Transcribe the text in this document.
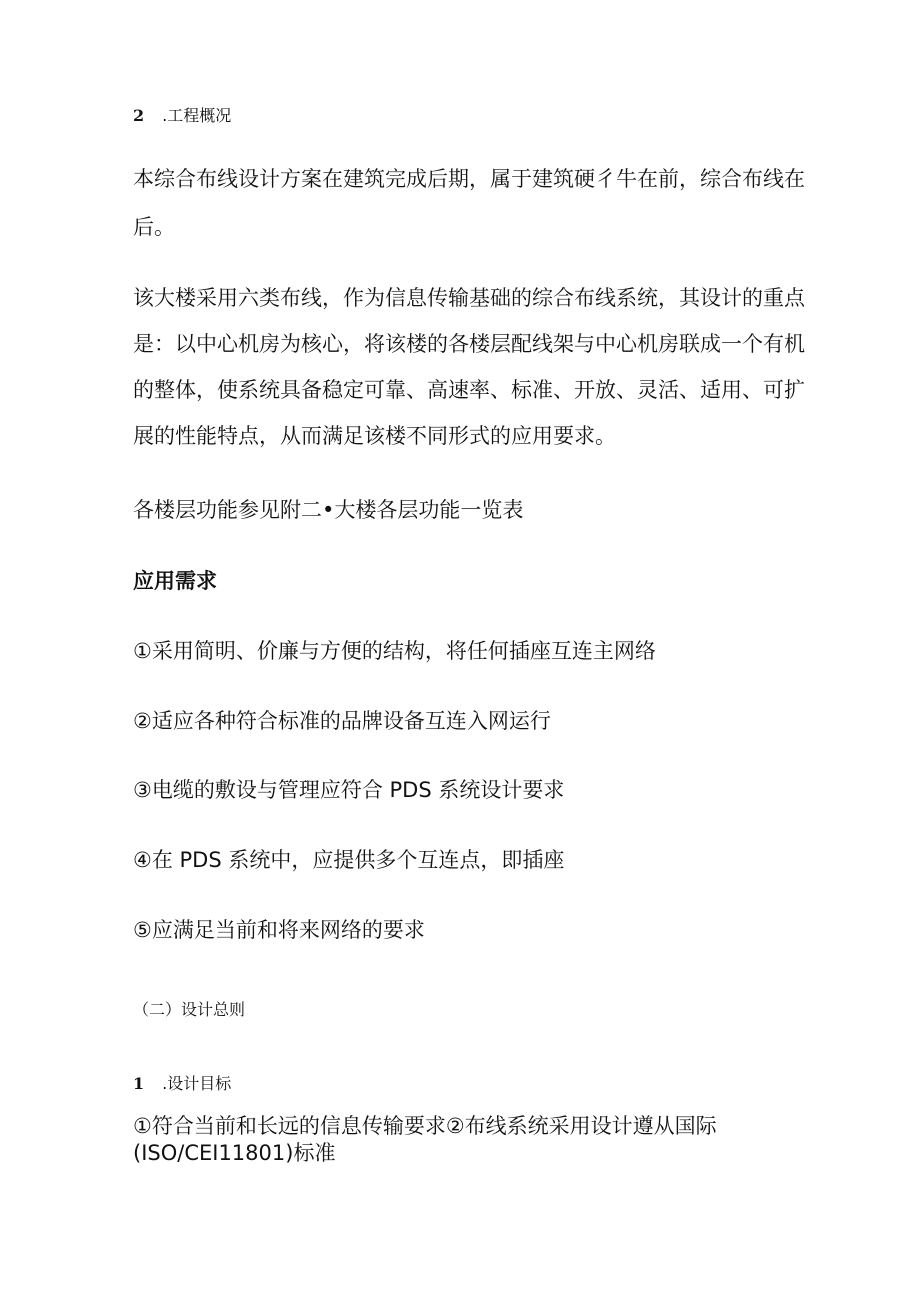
2 .工程概况
本综合布线设计方案在建筑完成后期，属于建筑硬彳牛在前，综合布线在
后。
该大楼采用六类布线，作为信息传输基础的综合布线系统，其设计的重点
是：以中心机房为核心，将该楼的各楼层配线架与中心机房联成一个有机
的整体，使系统具备稳定可靠、高速率、标准、开放、灵活、适用、可扩
展的性能特点，从而满足该楼不同形式的应用要求。
各楼层功能参见附二•大楼各层功能一览表
应用需求
①采用简明、价廉与方便的结构，将任何插座互连主网络
②适应各种符合标准的品牌设备互连入网运行
③电缆的敷设与管理应符合 PDS 系统设计要求
④在 PDS 系统中，应提供多个互连点，即插座
⑤应满足当前和将来网络的要求
（二）设计总则
1 .设计目标
①符合当前和长远的信息传输要求②布线系统采用设计遵从国际
(ISO/CEI11801)标准
